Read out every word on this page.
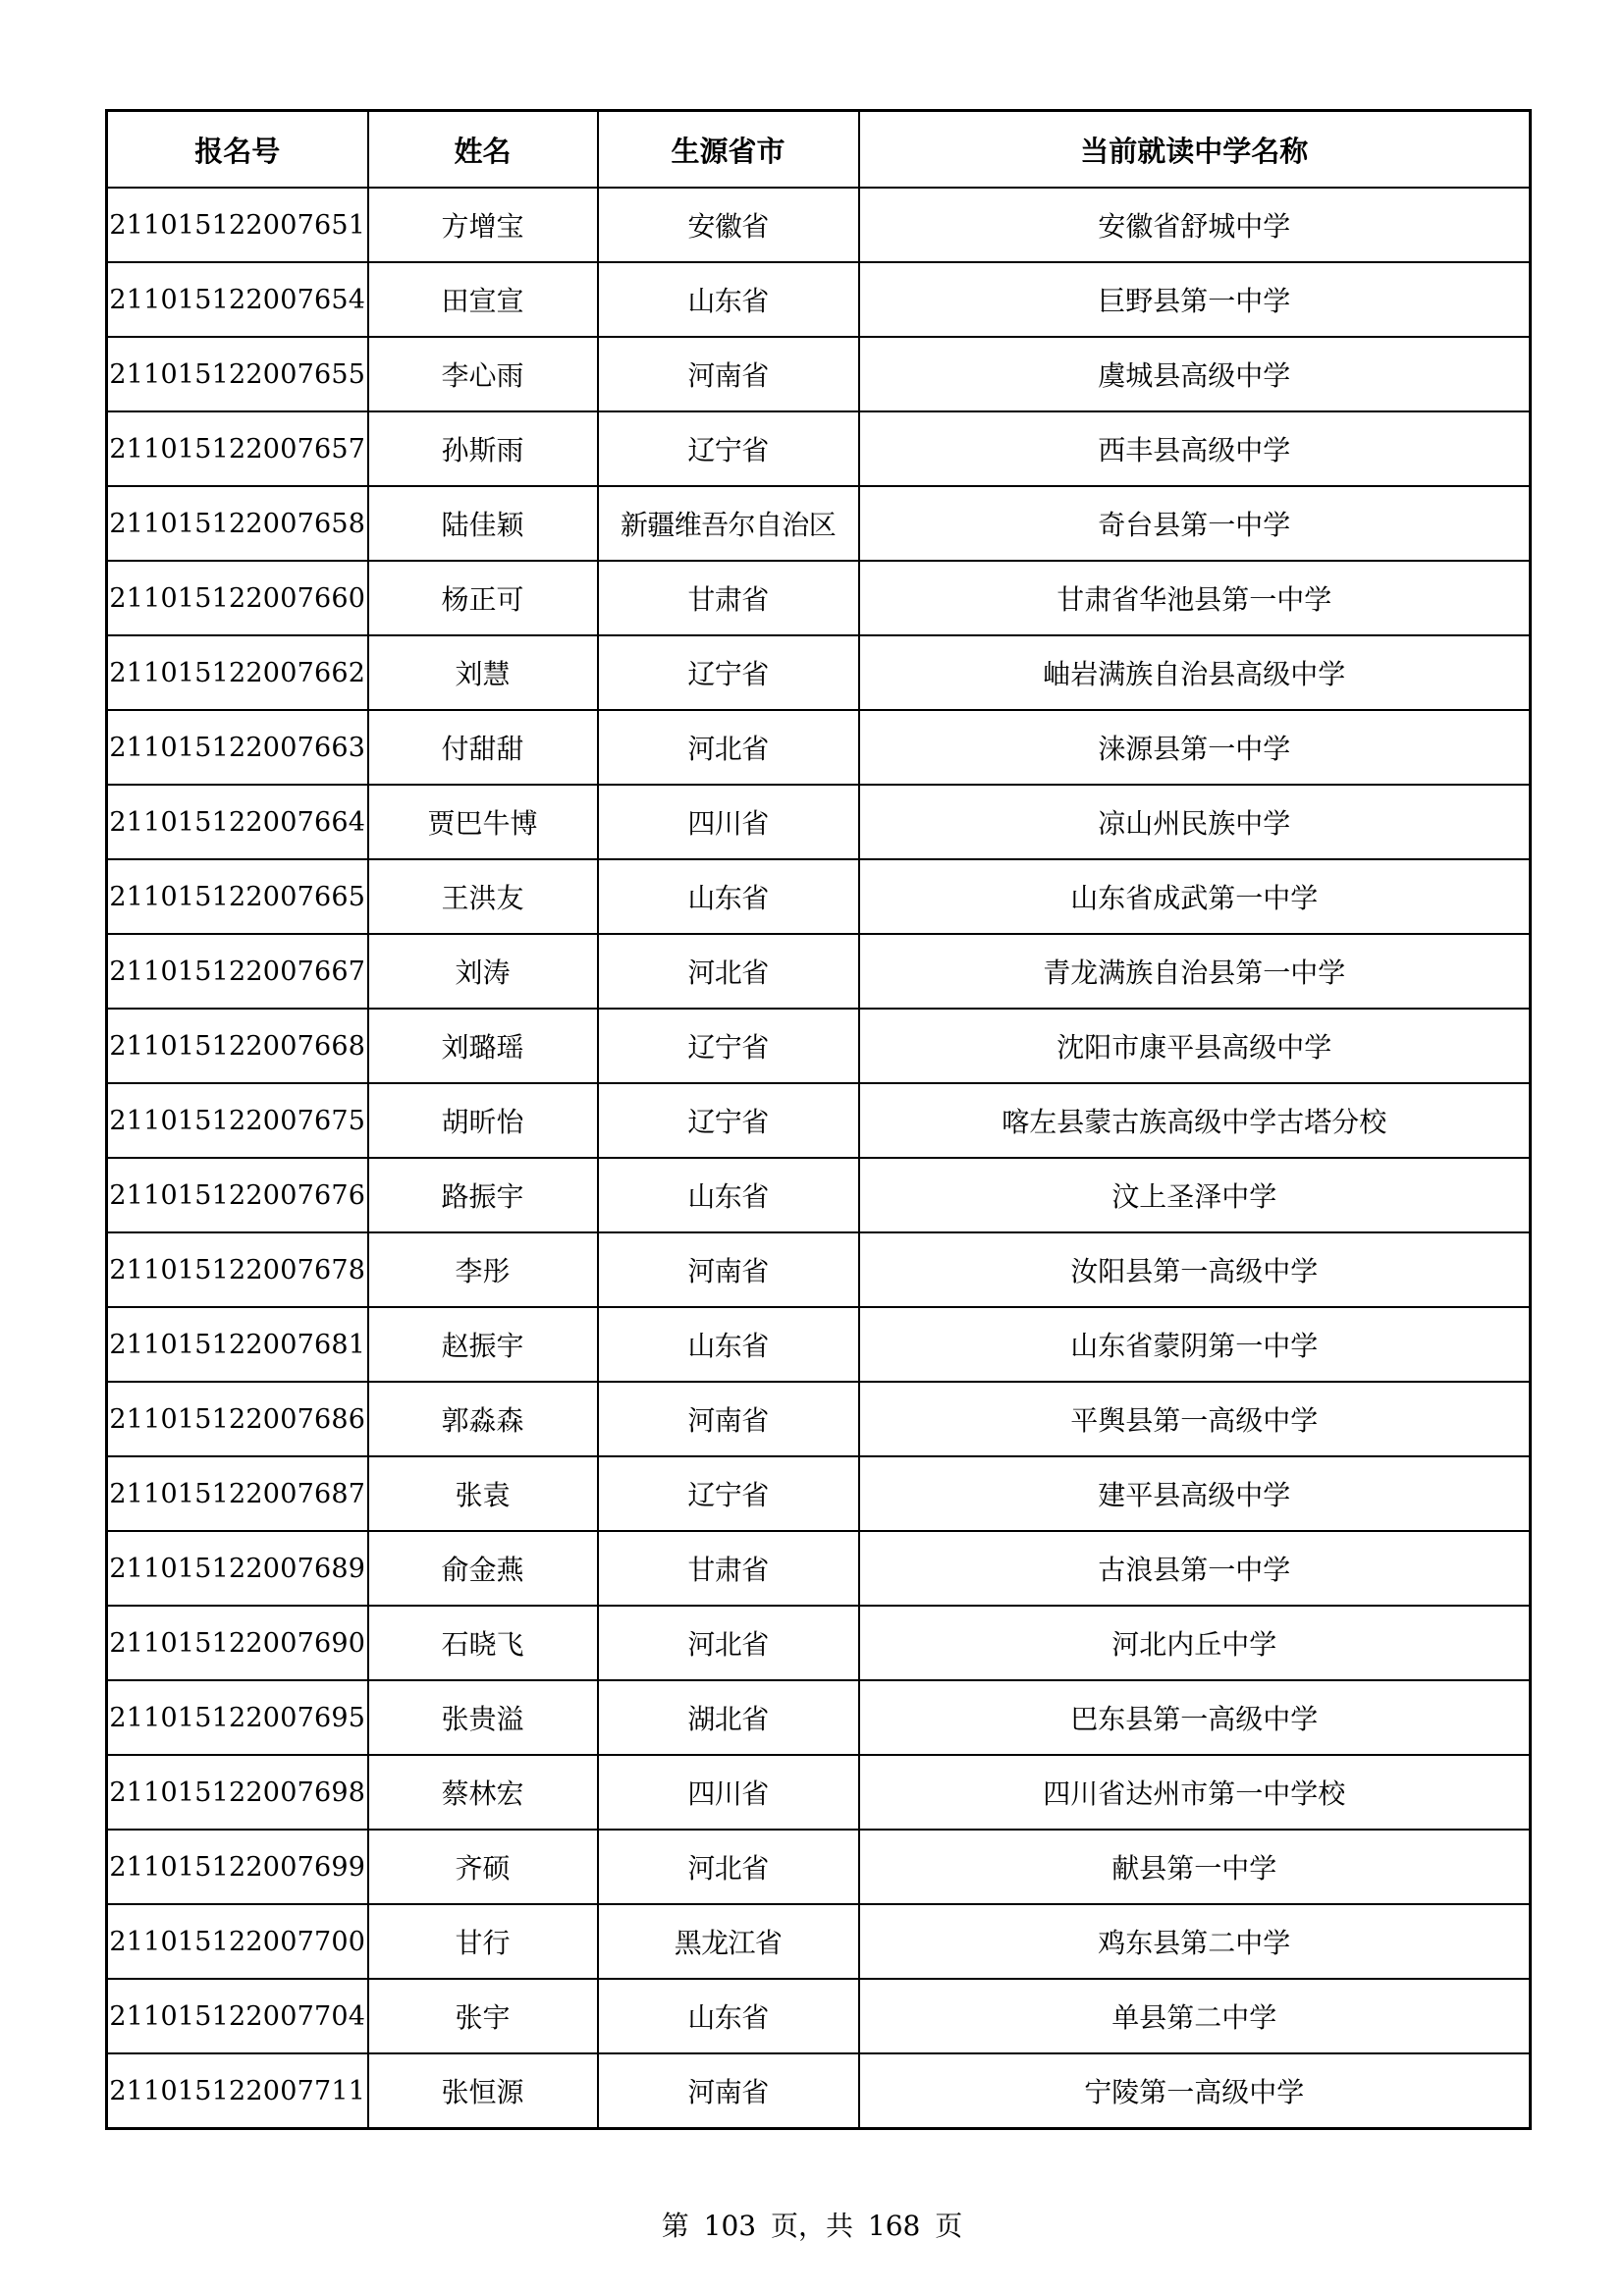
报名号	姓名	生源省市	当前就读中学名称
211015122007651	方增宝	安徽省	安徽省舒城中学
211015122007654	田宣宣	山东省	巨野县第一中学
211015122007655	李心雨	河南省	虞城县高级中学
211015122007657	孙斯雨	辽宁省	西丰县高级中学
211015122007658	陆佳颖	新疆维吾尔自治区	奇台县第一中学
211015122007660	杨正可	甘肃省	甘肃省华池县第一中学
211015122007662	刘慧	辽宁省	岫岩满族自治县高级中学
211015122007663	付甜甜	河北省	涞源县第一中学
211015122007664	贾巴牛博	四川省	凉山州民族中学
211015122007665	王洪友	山东省	山东省成武第一中学
211015122007667	刘涛	河北省	青龙满族自治县第一中学
211015122007668	刘璐瑶	辽宁省	沈阳市康平县高级中学
211015122007675	胡昕怡	辽宁省	喀左县蒙古族高级中学古塔分校
211015122007676	路振宇	山东省	汶上圣泽中学
211015122007678	李彤	河南省	汝阳县第一高级中学
211015122007681	赵振宇	山东省	山东省蒙阴第一中学
211015122007686	郭淼森	河南省	平舆县第一高级中学
211015122007687	张袁	辽宁省	建平县高级中学
211015122007689	俞金燕	甘肃省	古浪县第一中学
211015122007690	石晓飞	河北省	河北内丘中学
211015122007695	张贵溢	湖北省	巴东县第一高级中学
211015122007698	蔡林宏	四川省	四川省达州市第一中学校
211015122007699	齐硕	河北省	献县第一中学
211015122007700	甘行	黑龙江省	鸡东县第二中学
211015122007704	张宇	山东省	单县第二中学
211015122007711	张恒源	河南省	宁陵第一高级中学
第 103 页，共 168 页
